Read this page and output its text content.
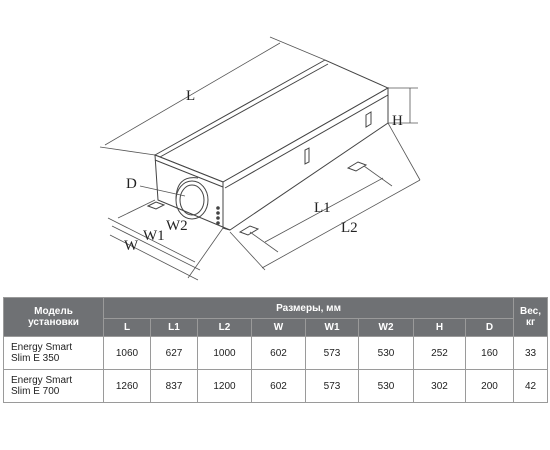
L
H
D
L1
L2
W2
W1
W
Модель
установки	Размеры, мм								Вес,
кг
	L	L1	L2	W	W1	W2	H	D	
Energy Smart
Slim E 350	1060	627	1000	602	573	530	252	160	33
Energy Smart
Slim E 700	1260	837	1200	602	573	530	302	200	42
